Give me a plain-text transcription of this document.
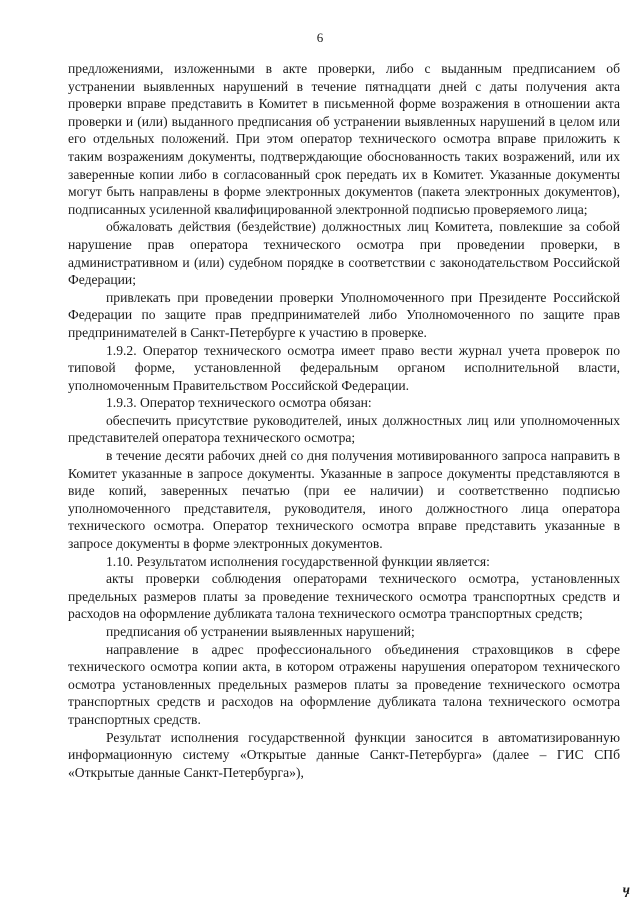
6

предложениями, изложенными в акте проверки, либо с выданным предписанием об устранении выявленных нарушений в течение пятнадцати дней с даты получения акта проверки вправе представить в Комитет в письменной форме возражения в отношении акта проверки и (или) выданного предписания об устранении выявленных нарушений в целом или его отдельных положений. При этом оператор технического осмотра вправе приложить к таким возражениям документы, подтверждающие обоснованность таких возражений, или их заверенные копии либо в согласованный срок передать их в Комитет. Указанные документы могут быть направлены в форме электронных документов (пакета электронных документов), подписанных усиленной квалифицированной электронной подписью проверяемого лица;

обжаловать действия (бездействие) должностных лиц Комитета, повлекшие за собой нарушение прав оператора технического осмотра при проведении проверки, в административном и (или) судебном порядке в соответствии с законодательством Российской Федерации;

привлекать при проведении проверки Уполномоченного при Президенте Российской Федерации по защите прав предпринимателей либо Уполномоченного по защите прав предпринимателей в Санкт-Петербурге к участию в проверке.

1.9.2. Оператор технического осмотра имеет право вести журнал учета проверок по типовой форме, установленной федеральным органом исполнительной власти, уполномоченным Правительством Российской Федерации.

1.9.3. Оператор технического осмотра обязан:

обеспечить присутствие руководителей, иных должностных лиц или уполномоченных представителей оператора технического осмотра;

в течение десяти рабочих дней со дня получения мотивированного запроса направить в Комитет указанные в запросе документы. Указанные в запросе документы представляются в виде копий, заверенных печатью (при ее наличии) и соответственно подписью уполномоченного представителя, руководителя, иного должностного лица оператора технического осмотра. Оператор технического осмотра вправе представить указанные в запросе документы в форме электронных документов.

1.10. Результатом исполнения государственной функции является:

акты проверки соблюдения операторами технического осмотра, установленных предельных размеров платы за проведение технического осмотра транспортных средств и расходов на оформление дубликата талона технического осмотра транспортных средств;

предписания об устранении выявленных нарушений;

направление в адрес профессионального объединения страховщиков в сфере технического осмотра копии акта, в котором отражены нарушения оператором технического осмотра установленных предельных размеров платы за проведение технического осмотра транспортных средств и расходов на оформление дубликата талона технического осмотра транспортных средств.

Результат исполнения государственной функции заносится в автоматизированную информационную систему «Открытые данные Санкт-Петербурга» (далее – ГИС СПб «Открытые данные Санкт-Петербурга»),

ӌ
